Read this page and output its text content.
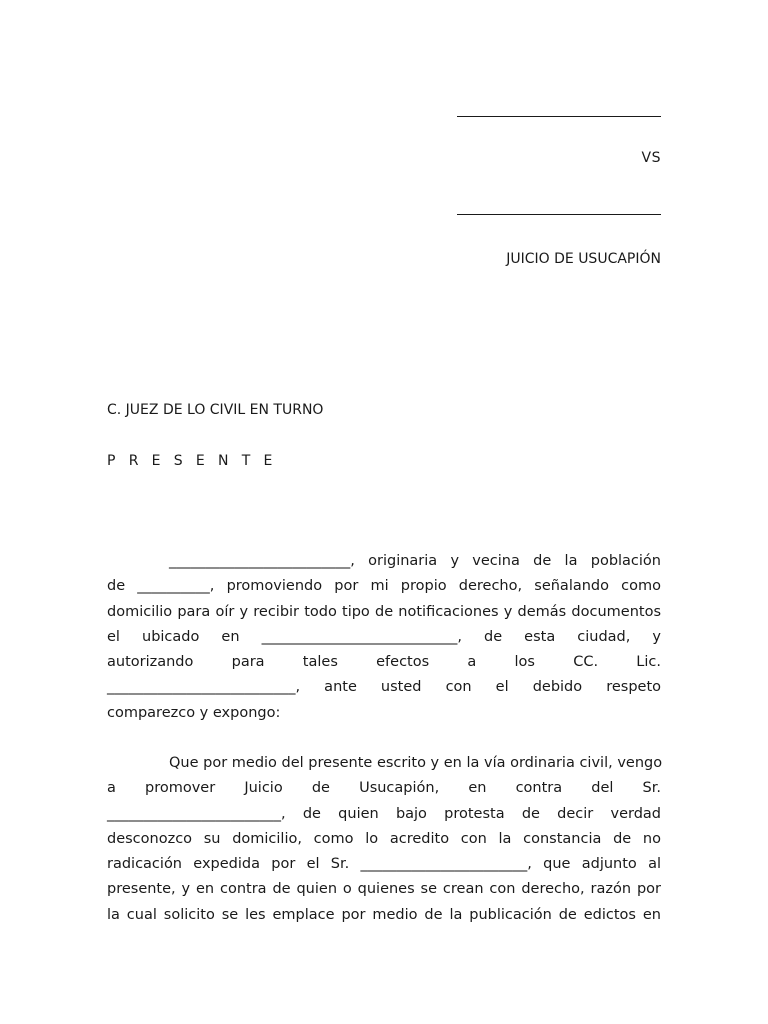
VS
JUICIO DE USUCAPIÓN
C. JUEZ DE LO CIVIL EN TURNO
P R E S E N T E
_________________________, originaria y vecina de la población
de __________, promoviendo por mi propio derecho, señalando como
domicilio para oír y recibir todo tipo de notificaciones y demás documentos
el ubicado en ___________________________, de esta ciudad, y
autorizando para tales efectos a los CC. Lic.
__________________________, ante usted con el debido respeto
comparezco y expongo:
Que por medio del presente escrito y en la vía ordinaria civil, vengo
a promover Juicio de Usucapión, en contra del Sr.
________________________, de quien bajo protesta de decir verdad
desconozco su domicilio, como lo acredito con la constancia de no
radicación expedida por el Sr. _______________________, que adjunto al
presente, y en contra de quien o quienes se crean con derecho, razón por
la cual solicito se les emplace por medio de la publicación de edictos en
